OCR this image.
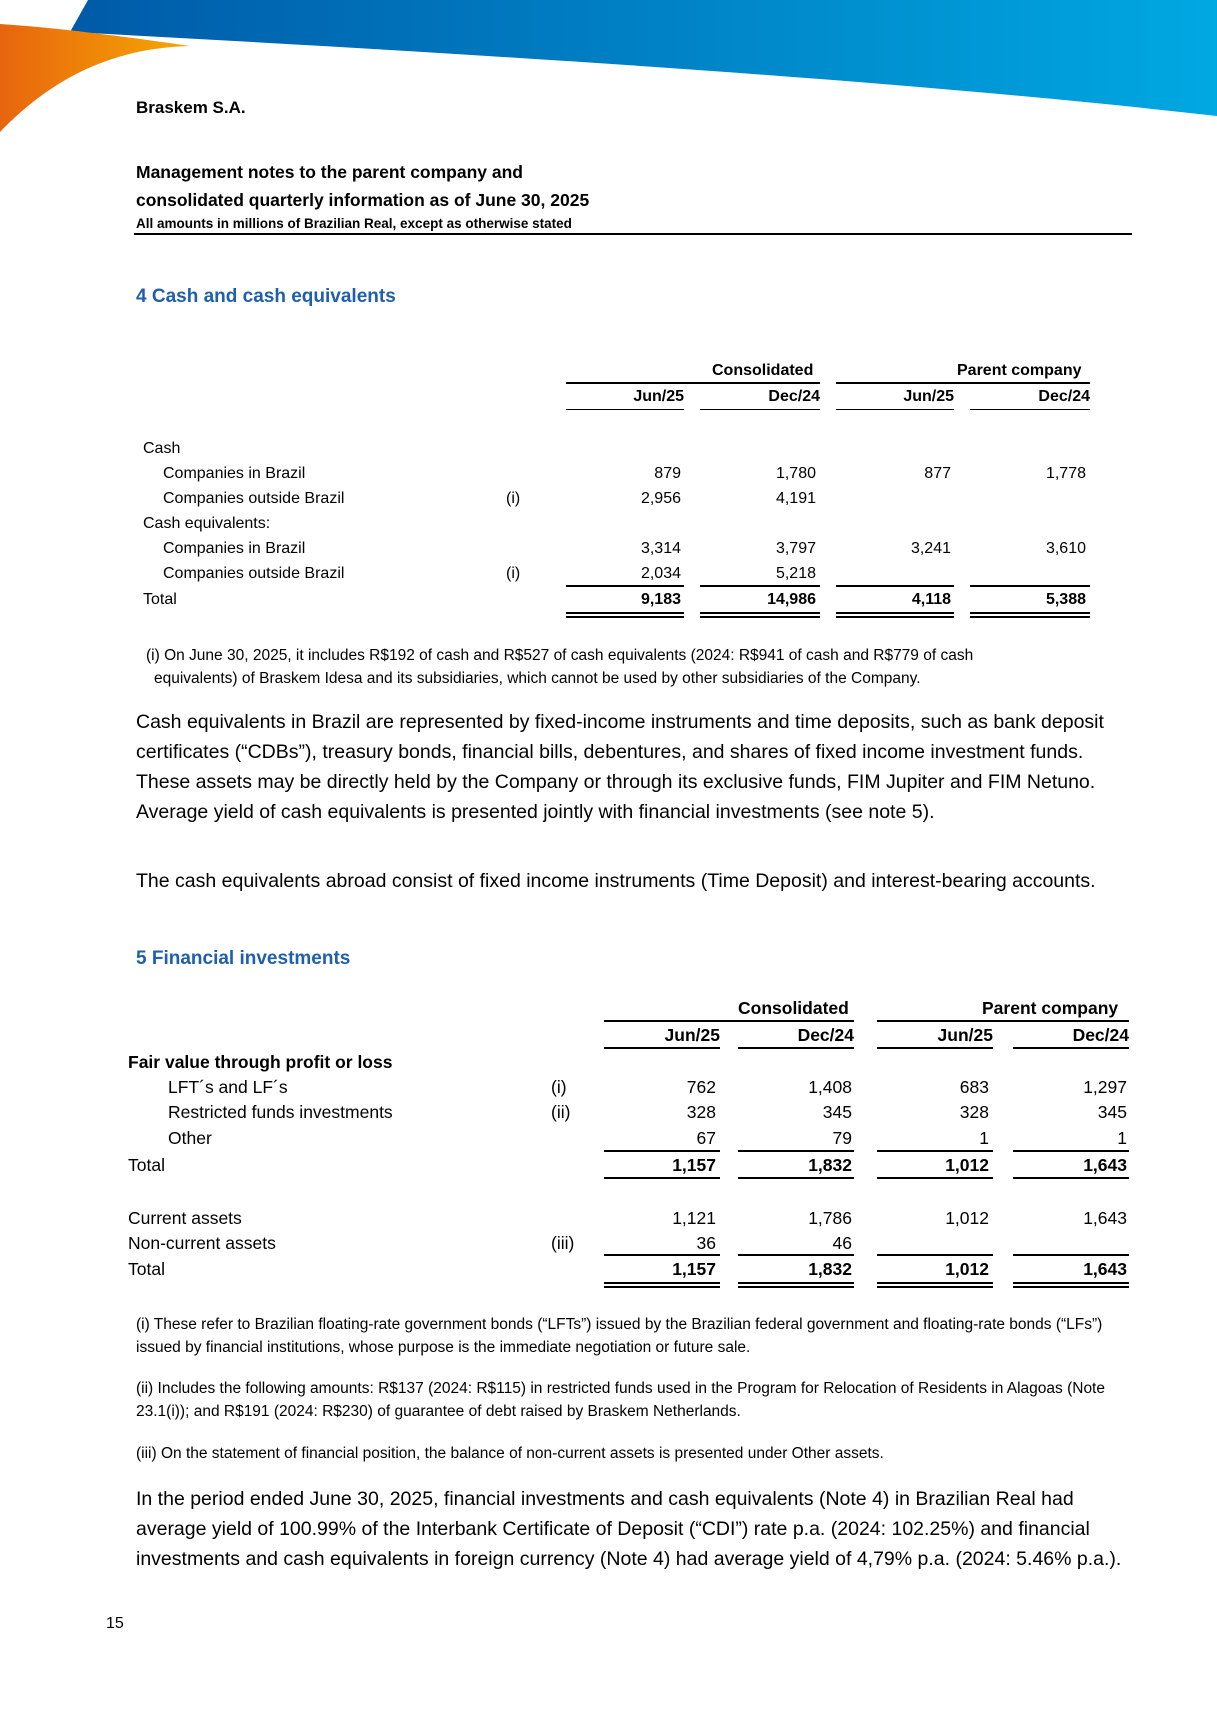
Braskem S.A.
Management notes to the parent company and
consolidated quarterly information as of June 30, 2025
All amounts in millions of Brazilian Real, except as otherwise stated
4 Cash and cash equivalents
Consolidated	Parent company
Jun/25	Dec/24	Jun/25	Dec/24
Cash
Companies in Brazil	879	1,780	877	1,778
Companies outside Brazil	(i)	2,956	4,191
Cash equivalents:
Companies in Brazil	3,314	3,797	3,241	3,610
Companies outside Brazil	(i)	2,034	5,218
Total	9,183	14,986	4,118	5,388
(i) On June 30, 2025, it includes R$192 of cash and R$527 of cash equivalents (2024: R$941 of cash and R$779 of cash
equivalents) of Braskem Idesa and its subsidiaries, which cannot be used by other subsidiaries of the Company.
Cash equivalents in Brazil are represented by fixed-income instruments and time deposits, such as bank deposit certificates (“CDBs”), treasury bonds, financial bills, debentures, and shares of fixed income investment funds. These assets may be directly held by the Company or through its exclusive funds, FIM Jupiter and FIM Netuno. Average yield of cash equivalents is presented jointly with financial investments (see note 5).
The cash equivalents abroad consist of fixed income instruments (Time Deposit) and interest-bearing accounts.
5 Financial investments
Consolidated	Parent company
Jun/25	Dec/24	Jun/25	Dec/24
Fair value through profit or loss
LFT´s and LF´s	(i)	762	1,408	683	1,297
Restricted funds investments	(ii)	328	345	328	345
Other	67	79	1	1
Total	1,157	1,832	1,012	1,643
Current assets	1,121	1,786	1,012	1,643
Non-current assets	(iii)	36	46
Total	1,157	1,832	1,012	1,643
(i) These refer to Brazilian floating-rate government bonds (“LFTs”) issued by the Brazilian federal government and floating-rate bonds (“LFs”) issued by financial institutions, whose purpose is the immediate negotiation or future sale.
(ii) Includes the following amounts: R$137 (2024: R$115) in restricted funds used in the Program for Relocation of Residents in Alagoas (Note 23.1(i)); and R$191 (2024: R$230) of guarantee of debt raised by Braskem Netherlands.
(iii) On the statement of financial position, the balance of non-current assets is presented under Other assets.
In the period ended June 30, 2025, financial investments and cash equivalents (Note 4) in Brazilian Real had average yield of 100.99% of the Interbank Certificate of Deposit (“CDI”) rate p.a. (2024: 102.25%) and financial investments and cash equivalents in foreign currency (Note 4) had average yield of 4,79% p.a. (2024: 5.46% p.a.).
15
